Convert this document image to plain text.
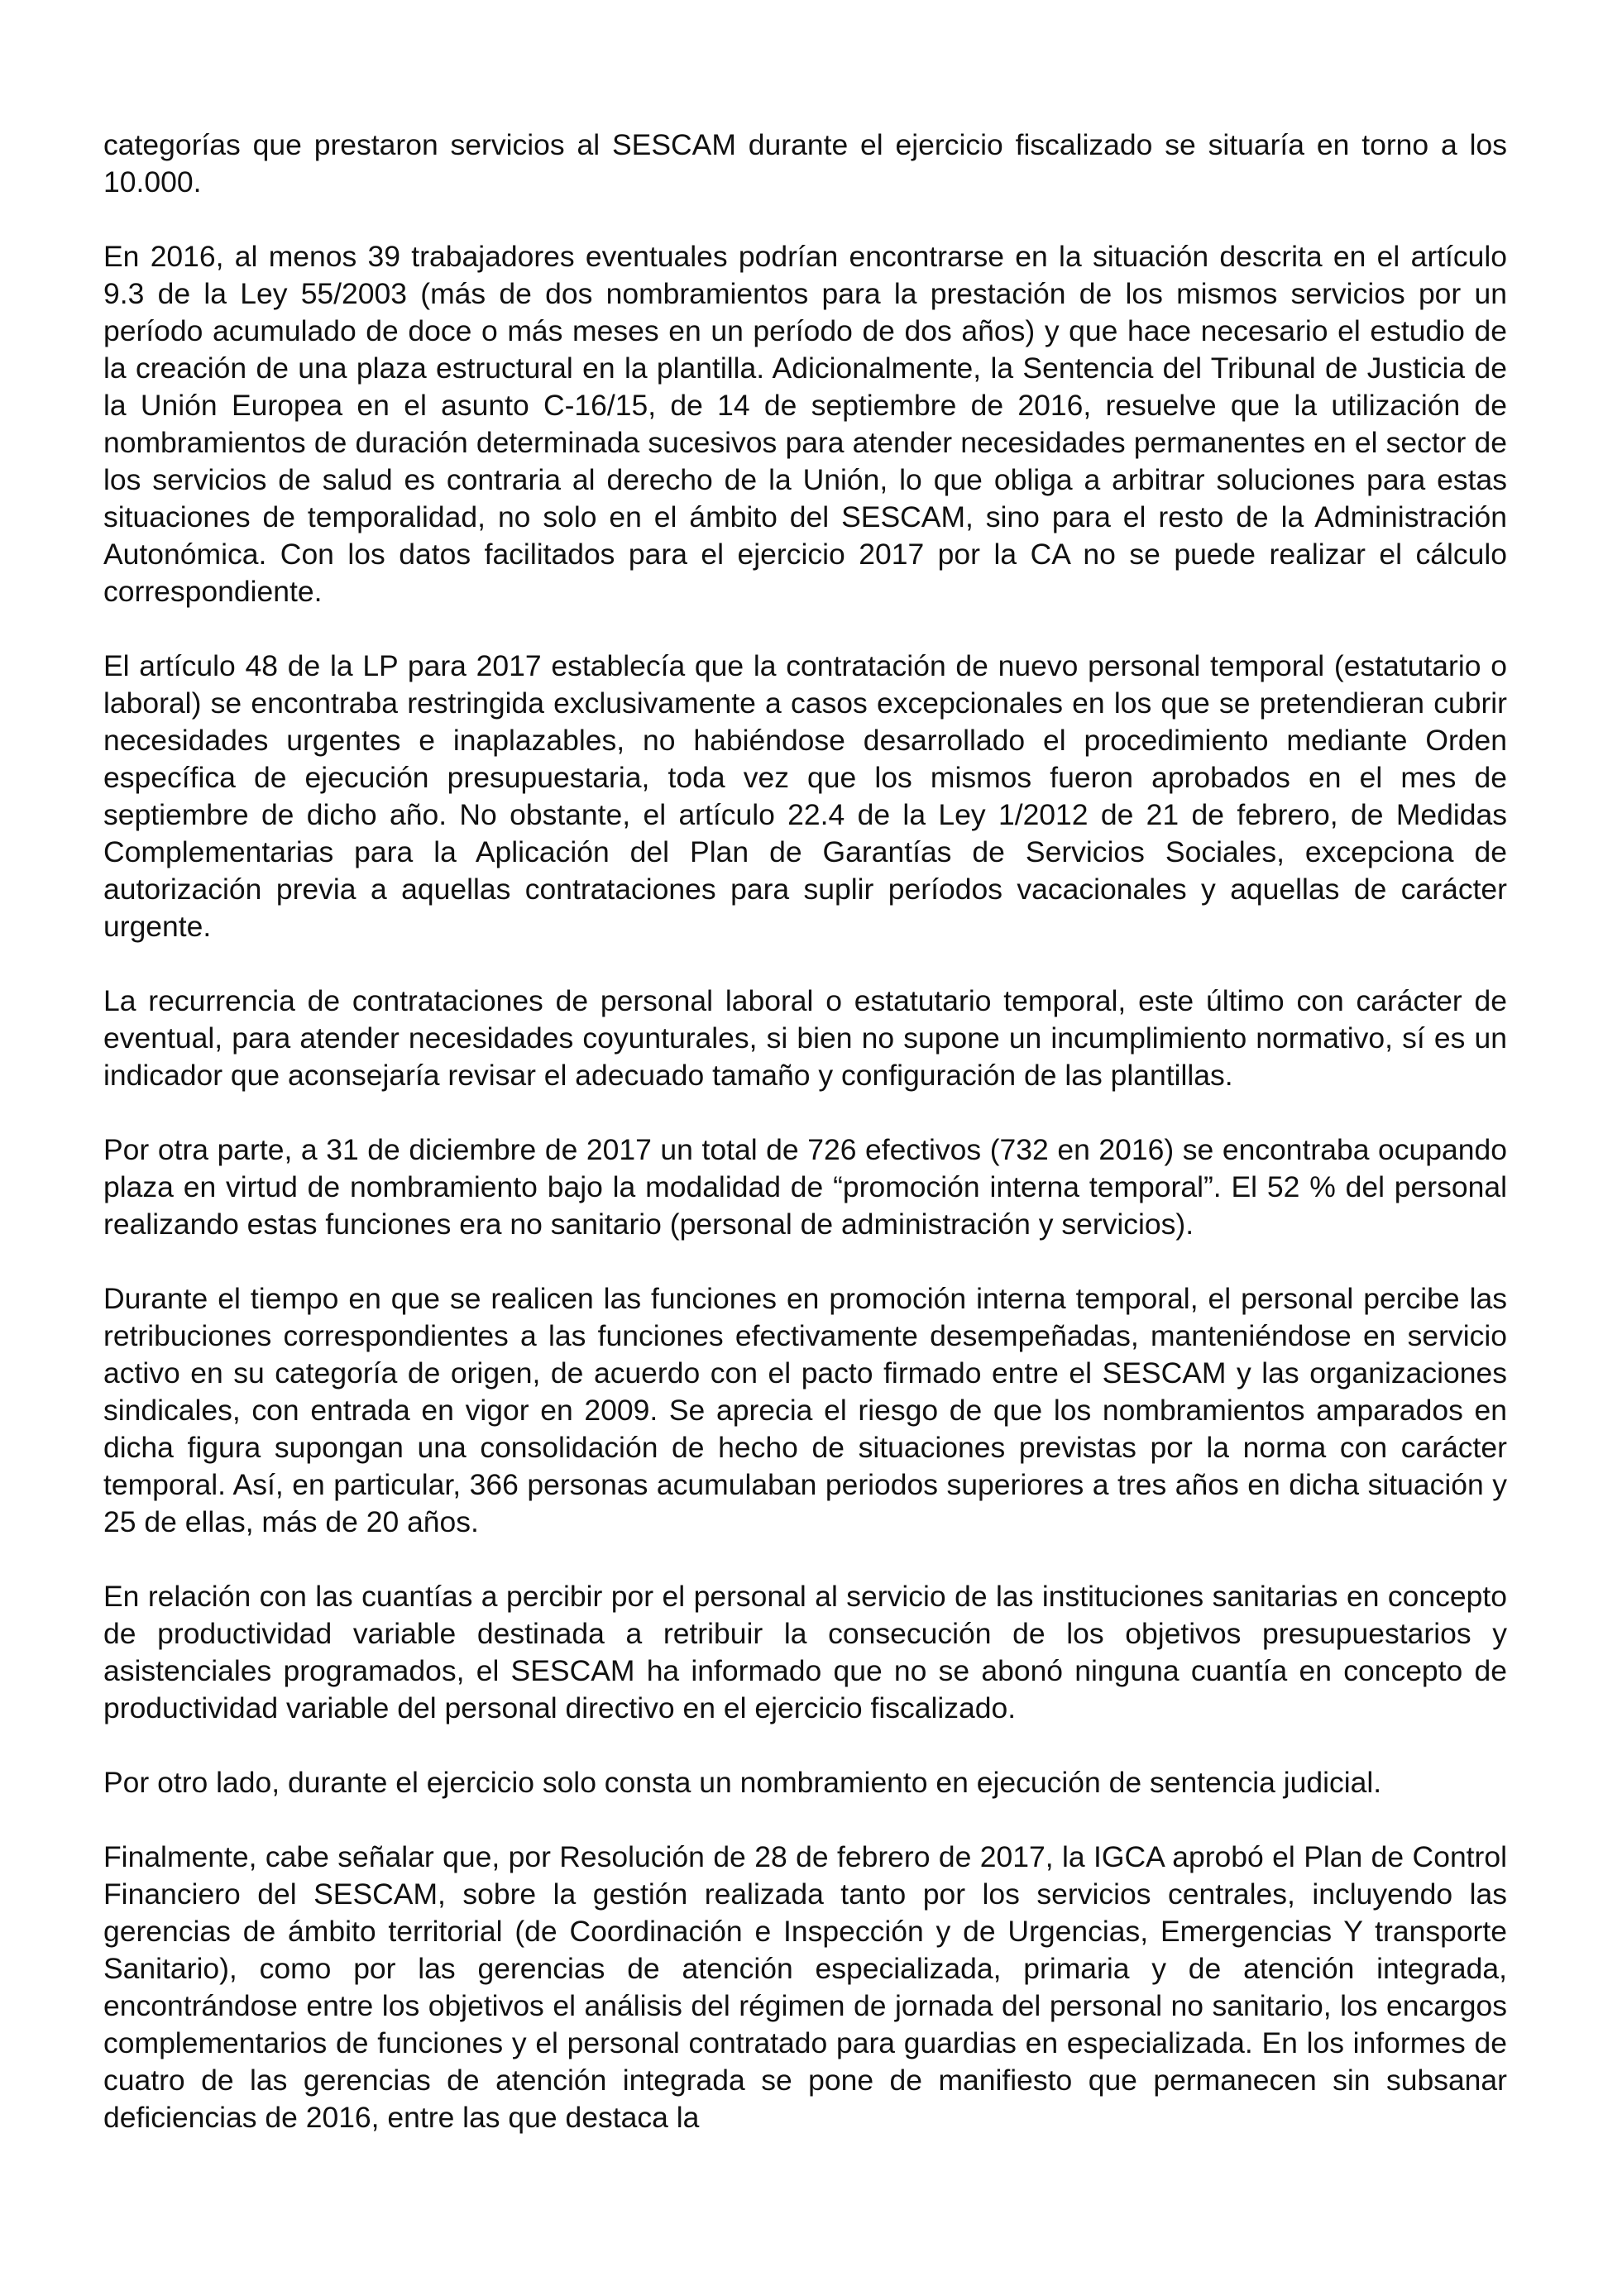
categorías que prestaron servicios al SESCAM durante el ejercicio fiscalizado se situaría en torno a los 10.000.

En 2016, al menos 39 trabajadores eventuales podrían encontrarse en la situación descrita en el artículo 9.3 de la Ley 55/2003 (más de dos nombramientos para la prestación de los mismos servicios por un período acumulado de doce o más meses en un período de dos años) y que hace necesario el estudio de la creación de una plaza estructural en la plantilla. Adicionalmente, la Sentencia del Tribunal de Justicia de la Unión Europea en el asunto C-16/15, de 14 de septiembre de 2016, resuelve que la utilización de nombramientos de duración determinada sucesivos para atender necesidades permanentes en el sector de los servicios de salud es contraria al derecho de la Unión, lo que obliga a arbitrar soluciones para estas situaciones de temporalidad, no solo en el ámbito del SESCAM, sino para el resto de la Administración Autonómica. Con los datos facilitados para el ejercicio 2017 por la CA no se puede realizar el cálculo correspondiente.

El artículo 48 de la LP para 2017 establecía que la contratación de nuevo personal temporal (estatutario o laboral) se encontraba restringida exclusivamente a casos excepcionales en los que se pretendieran cubrir necesidades urgentes e inaplazables, no habiéndose desarrollado el procedimiento mediante Orden específica de ejecución presupuestaria, toda vez que los mismos fueron aprobados en el mes de septiembre de dicho año. No obstante, el artículo 22.4 de la Ley 1/2012 de 21 de febrero, de Medidas Complementarias para la Aplicación del Plan de Garantías de Servicios Sociales, excepciona de autorización previa a aquellas contrataciones para suplir períodos vacacionales y aquellas de carácter urgente.

La recurrencia de contrataciones de personal laboral o estatutario temporal, este último con carácter de eventual, para atender necesidades coyunturales, si bien no supone un incumplimiento normativo, sí es un indicador que aconsejaría revisar el adecuado tamaño y configuración de las plantillas.

Por otra parte, a 31 de diciembre de 2017 un total de 726 efectivos (732 en 2016) se encontraba ocupando plaza en virtud de nombramiento bajo la modalidad de “promoción interna temporal”. El 52 % del personal realizando estas funciones era no sanitario (personal de administración y servicios).

Durante el tiempo en que se realicen las funciones en promoción interna temporal, el personal percibe las retribuciones correspondientes a las funciones efectivamente desempeñadas, manteniéndose en servicio activo en su categoría de origen, de acuerdo con el pacto firmado entre el SESCAM y las organizaciones sindicales, con entrada en vigor en 2009. Se aprecia el riesgo de que los nombramientos amparados en dicha figura supongan una consolidación de hecho de situaciones previstas por la norma con carácter temporal. Así, en particular, 366 personas acumulaban periodos superiores a tres años en dicha situación y 25 de ellas, más de 20 años.

En relación con las cuantías a percibir por el personal al servicio de las instituciones sanitarias en concepto de productividad variable destinada a retribuir la consecución de los objetivos presupuestarios y asistenciales programados, el SESCAM ha informado que no se abonó ninguna cuantía en concepto de productividad variable del personal directivo en el ejercicio fiscalizado.

Por otro lado, durante el ejercicio solo consta un nombramiento en ejecución de sentencia judicial.

Finalmente, cabe señalar que, por Resolución de 28 de febrero de 2017, la IGCA aprobó el Plan de Control Financiero del SESCAM, sobre la gestión realizada tanto por los servicios centrales, incluyendo las gerencias de ámbito territorial (de Coordinación e Inspección y de Urgencias, Emergencias Y transporte Sanitario), como por las gerencias de atención especializada, primaria y de atención integrada, encontrándose entre los objetivos el análisis del régimen de jornada del personal no sanitario, los encargos complementarios de funciones y el personal contratado para guardias en especializada. En los informes de cuatro de las gerencias de atención integrada se pone de manifiesto que permanecen sin subsanar deficiencias de 2016, entre las que destaca la
